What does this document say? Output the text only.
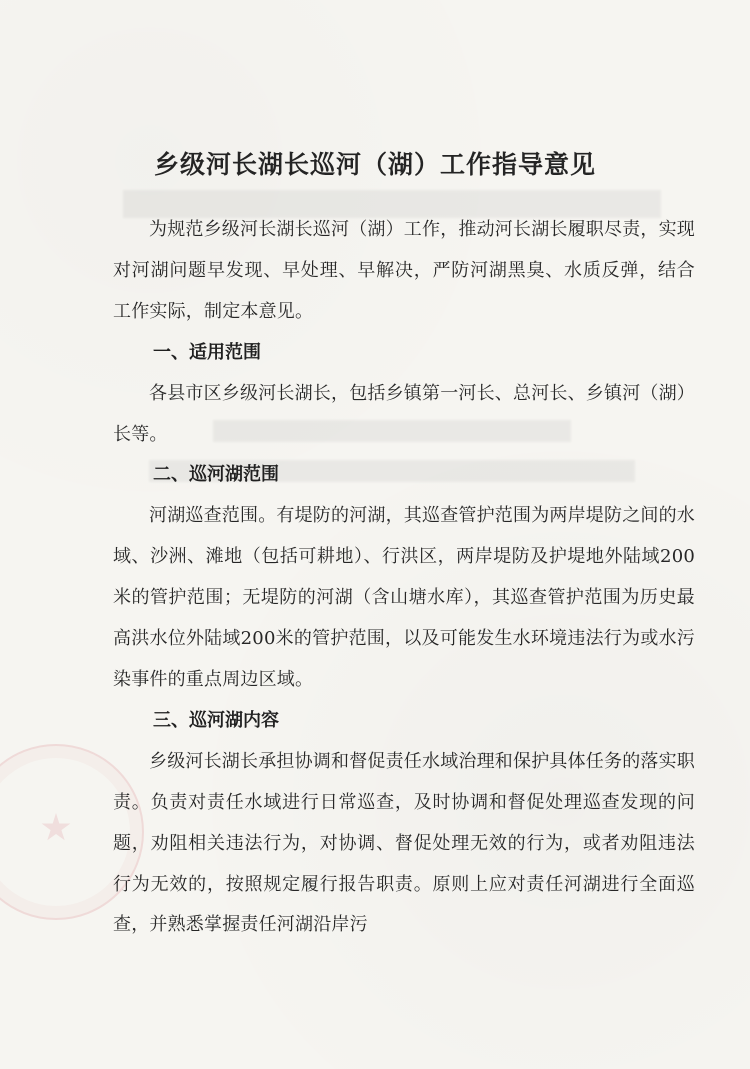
乡级河长湖长巡河（湖）工作指导意见

为规范乡级河长湖长巡河（湖）工作，推动河长湖长履职尽责，实现对河湖问题早发现、早处理、早解决，严防河湖黑臭、水质反弹，结合工作实际，制定本意见。

一、适用范围

各县市区乡级河长湖长，包括乡镇第一河长、总河长、乡镇河（湖）长等。

二、巡河湖范围

河湖巡查范围。有堤防的河湖，其巡查管护范围为两岸堤防之间的水域、沙洲、滩地（包括可耕地）、行洪区，两岸堤防及护堤地外陆域200米的管护范围；无堤防的河湖（含山塘水库），其巡查管护范围为历史最高洪水位外陆域200米的管护范围，以及可能发生水环境违法行为或水污染事件的重点周边区域。

三、巡河湖内容

乡级河长湖长承担协调和督促责任水域治理和保护具体任务的落实职责。负责对责任水域进行日常巡查，及时协调和督促处理巡查发现的问题，劝阻相关违法行为，对协调、督促处理无效的行为，或者劝阻违法行为无效的，按照规定履行报告职责。原则上应对责任河湖进行全面巡查，并熟悉掌握责任河湖沿岸污
